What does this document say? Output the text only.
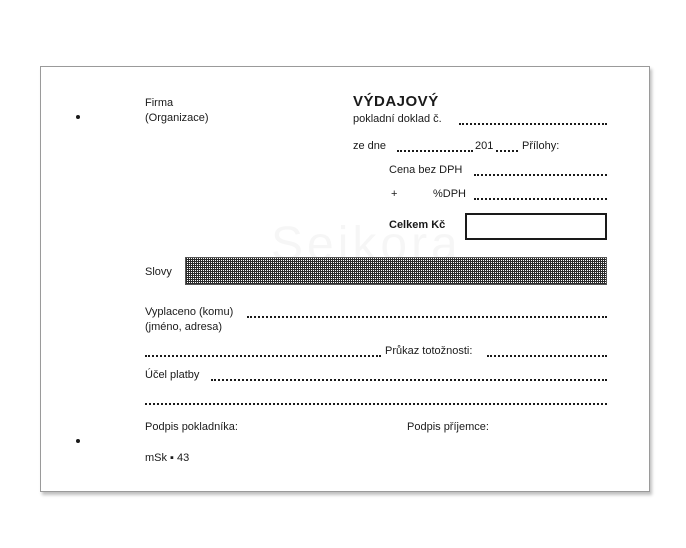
Firma
(Organizace)
VÝDAJOVÝ
pokladní doklad č.
ze dne	201	Přílohy:
Cena bez DPH
+	%DPH
Celkem Kč
Slovy
Vyplaceno (komu)
(jméno, adresa)
Průkaz totožnosti:
Účel platby
Podpis pokladníka:	Podpis příjemce:
mSk ▪ 43
